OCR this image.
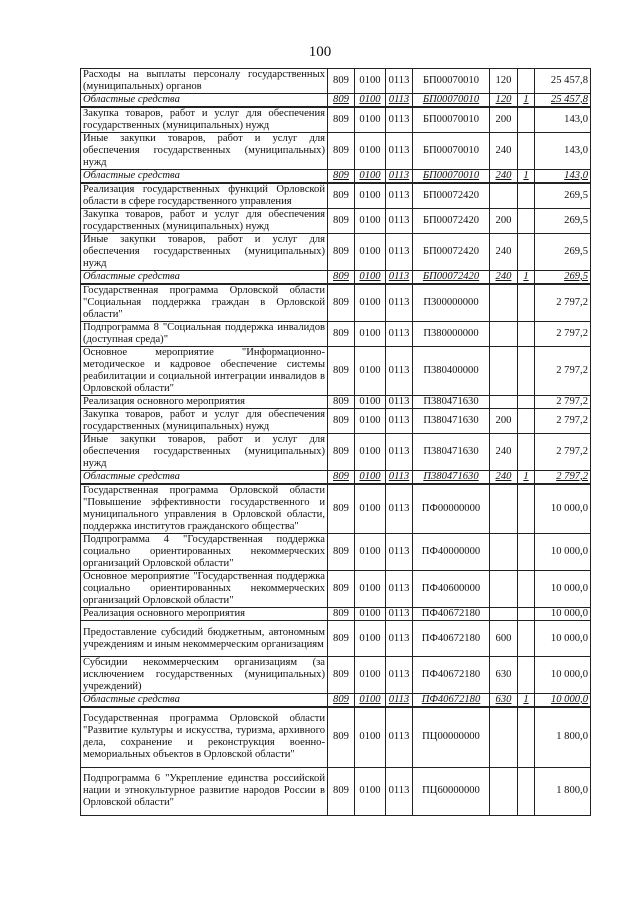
100
Расходы на выплаты персоналу государственных (муниципальных) органов	809	0100	0113	БП00070010	120		25 457,8
Областные средства	809	0100	0113	БП00070010	120	1	25 457,8
Закупка товаров, работ и услуг для обеспечения государственных (муниципальных) нужд	809	0100	0113	БП00070010	200		143,0
Иные закупки товаров, работ и услуг для обеспечения государственных (муниципальных) нужд	809	0100	0113	БП00070010	240		143,0
Областные средства	809	0100	0113	БП00070010	240	1	143,0
Реализация государственных функций Орловской области в сфере государственного управления	809	0100	0113	БП00072420			269,5
Закупка товаров, работ и услуг для обеспечения государственных (муниципальных) нужд	809	0100	0113	БП00072420	200		269,5
Иные закупки товаров, работ и услуг для обеспечения государственных (муниципальных) нужд	809	0100	0113	БП00072420	240		269,5
Областные средства	809	0100	0113	БП00072420	240	1	269,5
Государственная программа Орловской области "Социальная поддержка граждан в Орловской области"	809	0100	0113	П300000000			2 797,2
Подпрограмма 8 "Социальная поддержка инвалидов (доступная среда)"	809	0100	0113	П380000000			2 797,2
Основное мероприятие "Информационно-методическое и кадровое обеспечение системы реабилитации и социальной интеграции инвалидов в Орловской области"	809	0100	0113	П380400000			2 797,2
Реализация основного мероприятия	809	0100	0113	П380471630			2 797,2
Закупка товаров, работ и услуг для обеспечения государственных (муниципальных) нужд	809	0100	0113	П380471630	200		2 797,2
Иные закупки товаров, работ и услуг для обеспечения государственных (муниципальных) нужд	809	0100	0113	П380471630	240		2 797,2
Областные средства	809	0100	0113	П380471630	240	1	2 797,2
Государственная программа Орловской области "Повышение эффективности государственного и муниципального управления в Орловской области, поддержка институтов гражданского общества"	809	0100	0113	ПФ00000000			10 000,0
Подпрограмма 4 "Государственная поддержка социально ориентированных некоммерческих организаций Орловской области"	809	0100	0113	ПФ40000000			10 000,0
Основное мероприятие "Государственная поддержка социально ориентированных некоммерческих организаций Орловской области"	809	0100	0113	ПФ40600000			10 000,0
Реализация основного мероприятия	809	0100	0113	ПФ40672180			10 000,0
Предоставление субсидий бюджетным, автономным учреждениям и иным некоммерческим организациям	809	0100	0113	ПФ40672180	600		10 000,0
Субсидии некоммерческим организациям (за исключением государственных (муниципальных) учреждений)	809	0100	0113	ПФ40672180	630		10 000,0
Областные средства	809	0100	0113	ПФ40672180	630	1	10 000,0
Государственная программа Орловской области "Развитие культуры и искусства, туризма, архивного дела, сохранение и реконструкция военно-мемориальных объектов в Орловской области"	809	0100	0113	ПЦ00000000			1 800,0
Подпрограмма 6 "Укрепление единства российской нации и этнокультурное развитие народов России в Орловской области"	809	0100	0113	ПЦ60000000			1 800,0
